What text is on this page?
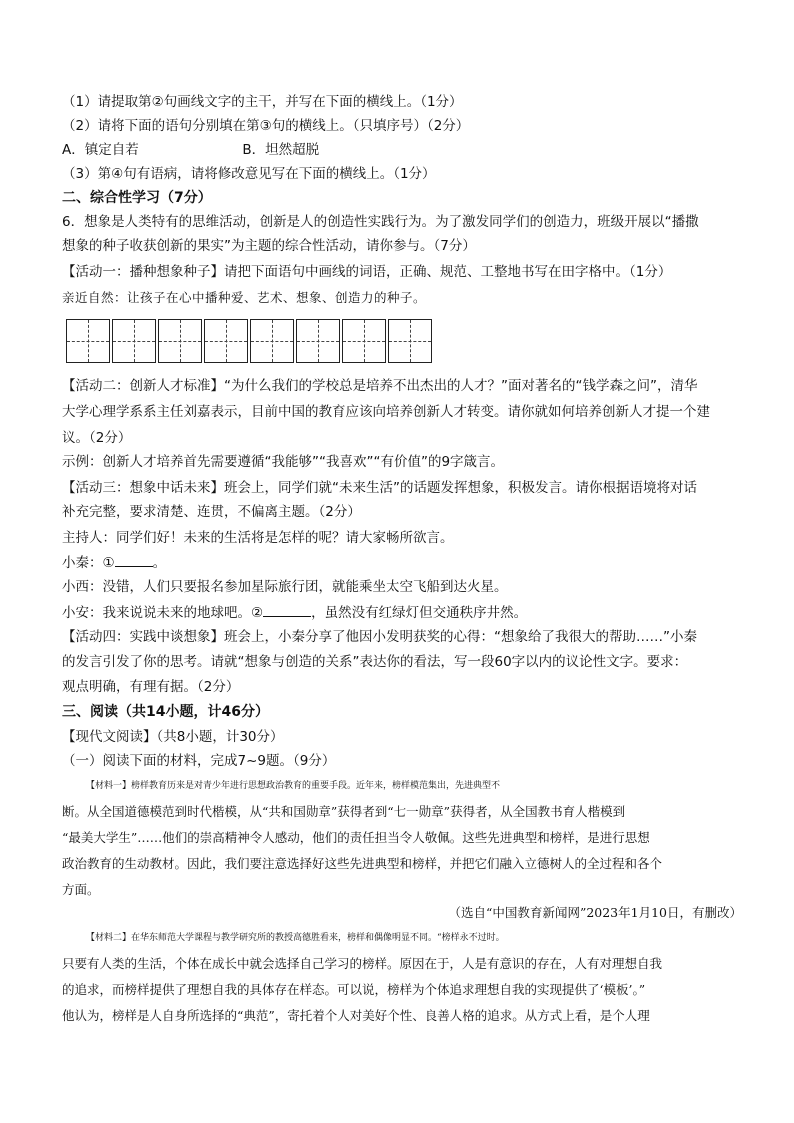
（1）请提取第②句画线文字的主干，并写在下面的横线上。（1分）
（2）请将下面的语句分别填在第③句的横线上。（只填序号）（2分）
A．镇定自若	B．坦然超脱
（3）第④句有语病，请将修改意见写在下面的横线上。（1分）
二、综合性学习（7分）
6．想象是人类特有的思维活动，创新是人的创造性实践行为。为了激发同学们的创造力，班级开展以“播撒
想象的种子收获创新的果实”为主题的综合性活动，请你参与。（7分）
【活动一：播种想象种子】请把下面语句中画线的词语，正确、规范、工整地书写在田字格中。（1分）
亲近自然：让孩子在心中播种爱、艺术、想象、创造力的种子。
【活动二：创新人才标准】“为什么我们的学校总是培养不出杰出的人才？”面对著名的“钱学森之问”，清华
大学心理学系系主任刘嘉表示，目前中国的教育应该向培养创新人才转变。请你就如何培养创新人才提一个建
议。（2分）
示例：创新人才培养首先需要遵循“我能够”“我喜欢”“有价值”的9字箴言。
【活动三：想象中话未来】班会上，同学们就“未来生活”的话题发挥想象，积极发言。请你根据语境将对话
补充完整，要求清楚、连贯，不偏离主题。（2分）
主持人：同学们好！未来的生活将是怎样的呢？请大家畅所欲言。
小秦：①	。
小西：没错，人们只要报名参加星际旅行团，就能乘坐太空飞船到达火星。
小安：我来说说未来的地球吧。②	，虽然没有红绿灯但交通秩序井然。
【活动四：实践中谈想象】班会上，小秦分享了他因小发明获奖的心得：“想象给了我很大的帮助……”小秦
的发言引发了你的思考。请就“想象与创造的关系”表达你的看法，写一段60字以内的议论性文字。要求：
观点明确，有理有据。（2分）
三、阅读（共14小题，计46分）
【现代文阅读】（共8小题，计30分）
（一）阅读下面的材料，完成7~9题。（9分）
【材料一】榜样教育历来是对青少年进行思想政治教育的重要手段。近年来，榜样模范集出，先进典型不
断。从全国道德模范到时代楷模，从“共和国勋章”获得者到“七一勋章”获得者，从全国教书育人楷模到
“最美大学生”……他们的崇高精神令人感动，他们的责任担当令人敬佩。这些先进典型和榜样，是进行思想
政治教育的生动教材。因此，我们要注意选择好这些先进典型和榜样，并把它们融入立德树人的全过程和各个
方面。
（选自“中国教育新闻网”2023年1月10日，有删改）
【材料二】在华东师范大学课程与教学研究所的教授高德胜看来，榜样和偶像明显不同。“榜样永不过时。
只要有人类的生活，个体在成长中就会选择自己学习的榜样。原因在于，人是有意识的存在，人有对理想自我
的追求，而榜样提供了理想自我的具体存在样态。可以说，榜样为个体追求理想自我的实现提供了‘模板’。”
他认为，榜样是人自身所选择的“典范”，寄托着个人对美好个性、良善人格的追求。从方式上看，是个人理
